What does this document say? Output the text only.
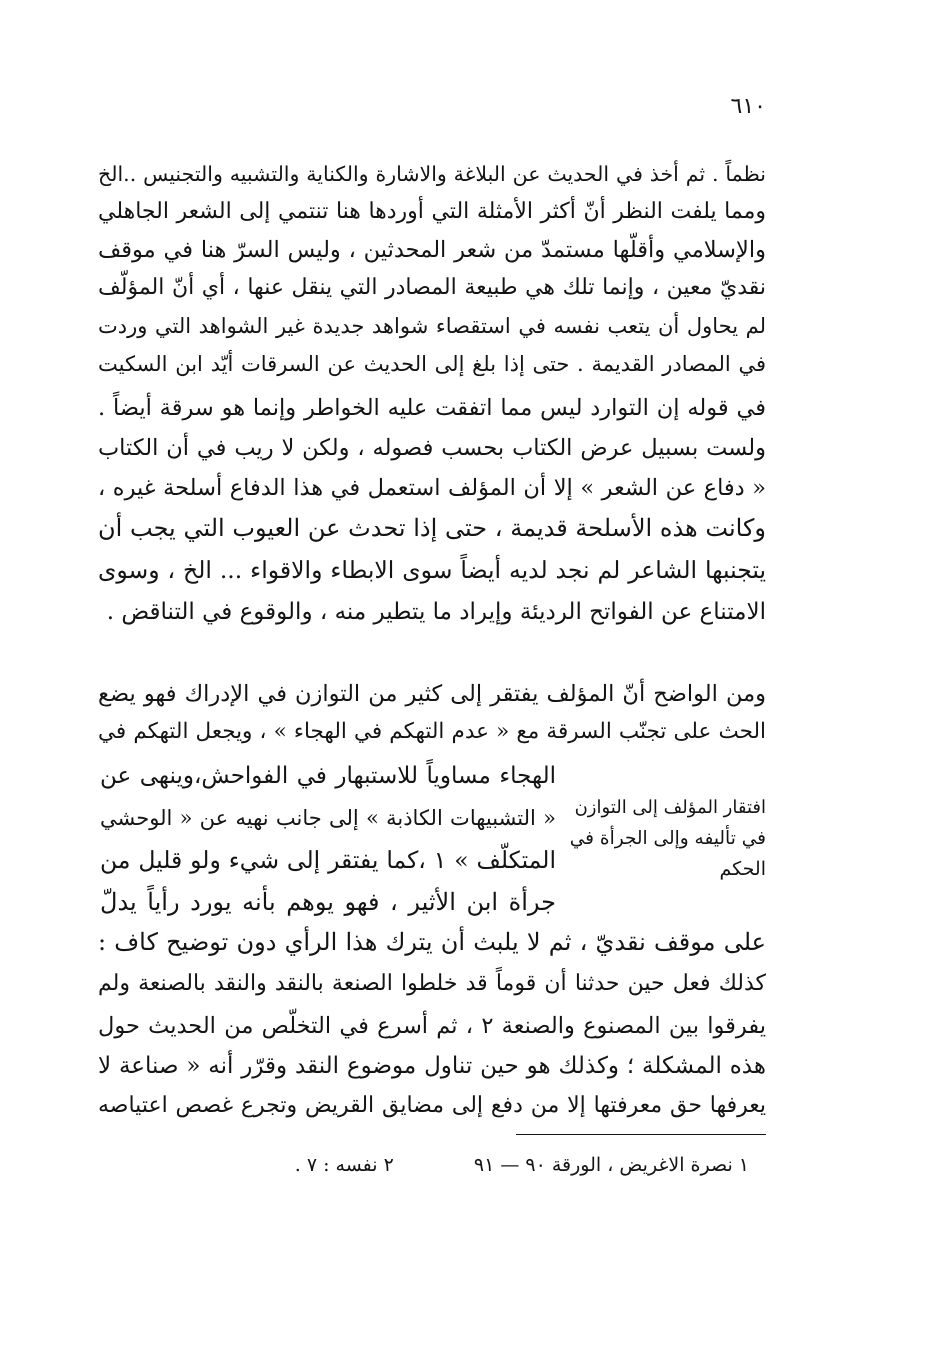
٦١٠
نظماً . ثم أخذ في الحديث عن البلاغة والاشارة والكناية والتشبيه والتجنيس ..الخ
ومما يلفت النظر أنّ أكثر الأمثلة التي أوردها هنا تنتمي إلى الشعر الجاهلي
والإسلامي وأقلّها مستمدّ من شعر المحدثين ، وليس السرّ هنا في موقف
نقديّ معين ، وإنما تلك هي طبيعة المصادر التي ينقل عنها ، أي أنّ المؤلّف
لم يحاول أن يتعب نفسه في استقصاء شواهد جديدة غير الشواهد التي وردت
في المصادر القديمة . حتى إذا بلغ إلى الحديث عن السرقات أيّد ابن السكيت
في قوله إن التوارد ليس مما اتفقت عليه الخواطر وإنما هو سرقة أيضاً .
ولست بسبيل عرض الكتاب بحسب فصوله ، ولكن لا ريب في أن الكتاب
« دفاع عن الشعر » إلا أن المؤلف استعمل في هذا الدفاع أسلحة غيره ،
وكانت هذه الأسلحة قديمة ، حتى إذا تحدث عن العيوب التي يجب أن
يتجنبها الشاعر لم نجد لديه أيضاً سوى الابطاء والاقواء ... الخ ، وسوى
الامتناع عن الفواتح الرديئة وإيراد ما يتطير منه ، والوقوع في التناقض .
ومن الواضح أنّ المؤلف يفتقر إلى كثير من التوازن في الإدراك فهو يضع
الحث على تجنّب السرقة مع « عدم التهكم في الهجاء » ، ويجعل التهكم في
الهجاء مساوياً للاستبهار في الفواحش،وينهى عن
« التشبيهات الكاذبة » إلى جانب نهيه عن « الوحشي
المتكلّف » ١ ،كما يفتقر إلى شيء ولو قليل من
جرأة ابن الأثير ، فهو يوهم بأنه يورد رأياً يدلّ
افتقار المؤلف إلى التوازن
في تأليفه وإلى الجرأة في
الحكم
على موقف نقديّ ، ثم لا يلبث أن يترك هذا الرأي دون توضيح كاف :
كذلك فعل حين حدثنا أن قوماً قد خلطوا الصنعة بالنقد والنقد بالصنعة ولم
يفرقوا بين المصنوع والصنعة ٢ ، ثم أسرع في التخلّص من الحديث حول
هذه المشكلة ؛ وكذلك هو حين تناول موضوع النقد وقرّر أنه « صناعة لا
يعرفها حق معرفتها إلا من دفع إلى مضايق القريض وتجرع غصص اعتياصه
١ نصرة الاغريض ، الورقة ٩٠ — ٩١ ٢ نفسه : ٧ .
